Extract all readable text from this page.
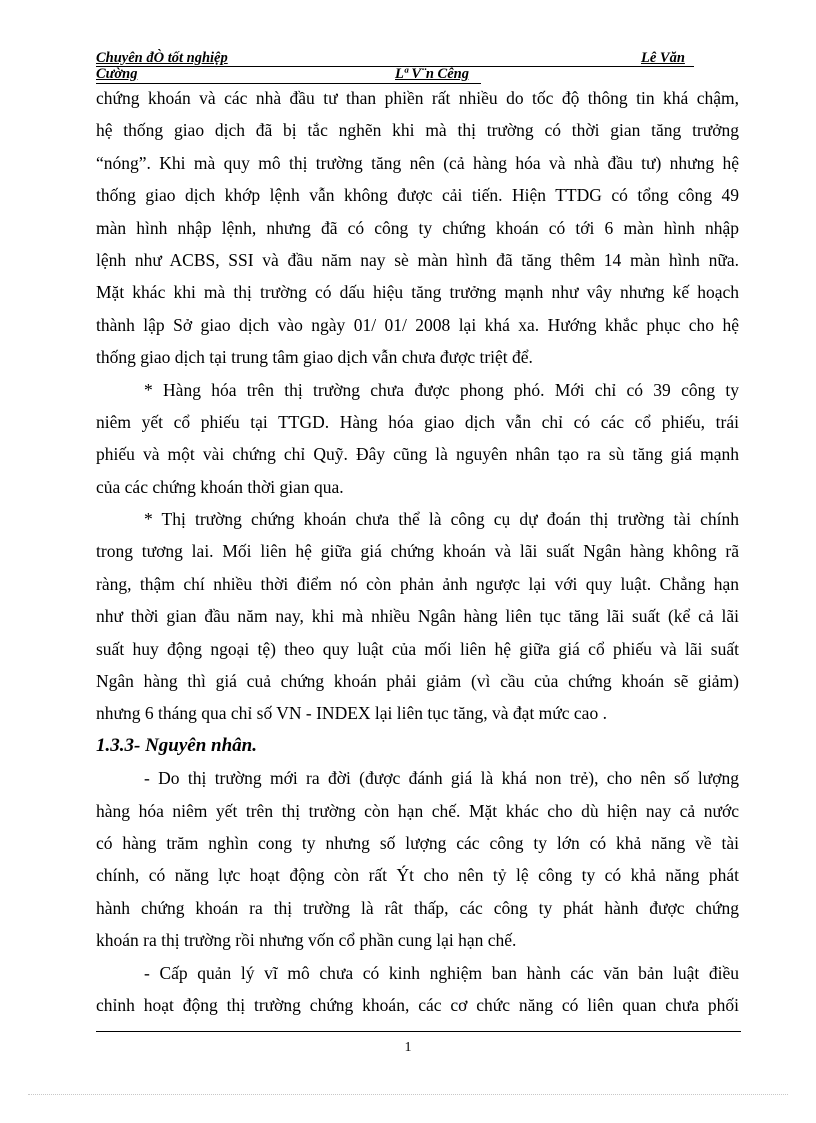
Chuyên đÒ tốt nghiệp	Lê Văn
Cường	Lª V¨n Cêng
chứng khoán và các nhà đầu tư than phiền rất nhiều do tốc độ thông tin khá chậm,
hệ thống giao dịch đã bị tắc nghẽn khi mà thị trường có thời gian tăng trưởng
“nóng”. Khi mà quy mô thị trường tăng nên (cả hàng hóa và nhà đầu tư) nhưng hệ
thống giao dịch khớp lệnh vẫn không được cải tiến. Hiện TTDG có tổng công 49
màn hình nhập lệnh, nhưng đã có công ty chứng khoán có tới 6 màn hình nhập
lệnh như ACBS, SSI và đầu năm nay sè màn hình đã tăng thêm 14 màn hình nữa.
Mặt khác khi mà thị trường có dấu hiệu tăng trưởng mạnh như vây nhưng kế hoạch
thành lập Sở giao dịch vào ngày 01/ 01/ 2008 lại khá xa. Hướng khắc phục cho hệ
thống giao dịch tại trung tâm giao dịch vẫn chưa được triệt để.
* Hàng hóa trên thị trường chưa được phong phó. Mới chỉ có 39 công ty
niêm yết cổ phiếu tại TTGD. Hàng hóa giao dịch vẫn chỉ có các cổ phiếu, trái
phiếu và một vài chứng chỉ Quỹ. Đây cũng là nguyên nhân tạo ra sù tăng giá mạnh
của các chứng khoán thời gian qua.
* Thị trường chứng khoán chưa thể là công cụ dự đoán thị trường tài chính
trong tương lai. Mối liên hệ giữa giá chứng khoán và lãi suất Ngân hàng không rã
ràng, thậm chí nhiều thời điểm nó còn phản ảnh ngược lại với quy luật. Chẳng hạn
như thời gian đầu năm nay, khi mà nhiều Ngân hàng liên tục tăng lãi suất (kể cả lãi
suất huy động ngoại tệ) theo quy luật của mối liên hệ giữa giá cổ phiếu và lãi suất
Ngân hàng thì giá cuả chứng khoán phải giảm (vì cầu của chứng khoán sẽ giảm)
nhưng 6 tháng qua chỉ số VN - INDEX lại liên tục tăng, và đạt mức cao .
1.3.3- Nguyên nhân.
- Do thị trường mới ra đời (được đánh giá là khá non trẻ), cho nên số lượng
hàng hóa niêm yết trên thị trường còn hạn chế. Mặt khác cho dù hiện nay cả nước
có hàng trăm nghìn cong ty nhưng số lượng các công ty lớn có khả năng về tài
chính, có năng lực hoạt động còn rất Ýt cho nên tỷ lệ công ty có khả năng phát
hành chứng khoán ra thị trường là rât thấp, các công ty phát hành được chứng
khoán ra thị trường rồi nhưng vốn cổ phần cung lại hạn chế.
- Cấp quản lý vĩ mô chưa có kinh nghiệm ban hành các văn bản luật điều
chỉnh hoạt động thị trường chứng khoán, các cơ chức năng có liên quan chưa phối
1
